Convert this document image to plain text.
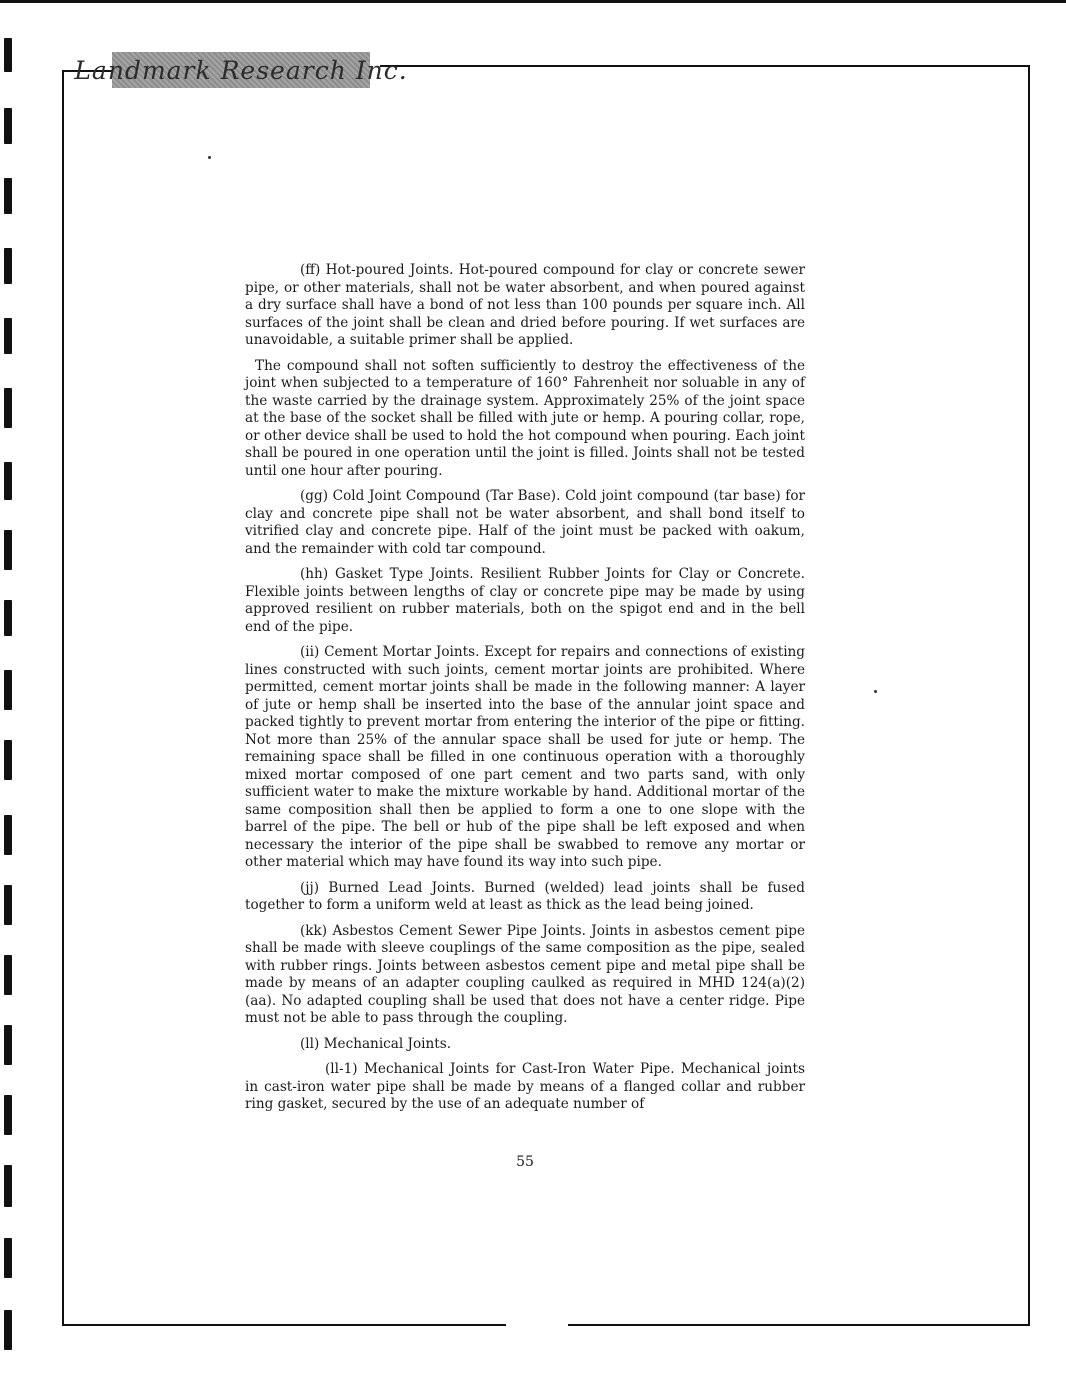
Landmark Research Inc.

(ff) Hot-poured Joints. Hot-poured compound for clay or concrete sewer pipe, or other materials, shall not be water absorbent, and when poured against a dry surface shall have a bond of not less than 100 pounds per square inch. All surfaces of the joint shall be clean and dried before pouring. If wet surfaces are unavoidable, a suitable primer shall be applied.

The compound shall not soften sufficiently to destroy the effectiveness of the joint when subjected to a temperature of 160° Fahrenheit nor soluable in any of the waste carried by the drainage system. Approximately 25% of the joint space at the base of the socket shall be filled with jute or hemp. A pouring collar, rope, or other device shall be used to hold the hot compound when pouring. Each joint shall be poured in one operation until the joint is filled. Joints shall not be tested until one hour after pouring.

(gg) Cold Joint Compound (Tar Base). Cold joint compound (tar base) for clay and concrete pipe shall not be water absorbent, and shall bond itself to vitrified clay and concrete pipe. Half of the joint must be packed with oakum, and the remainder with cold tar compound.

(hh) Gasket Type Joints. Resilient Rubber Joints for Clay or Concrete. Flexible joints between lengths of clay or concrete pipe may be made by using approved resilient on rubber materials, both on the spigot end and in the bell end of the pipe.

(ii) Cement Mortar Joints. Except for repairs and connections of existing lines constructed with such joints, cement mortar joints are prohibited. Where permitted, cement mortar joints shall be made in the following manner: A layer of jute or hemp shall be inserted into the base of the annular joint space and packed tightly to prevent mortar from entering the interior of the pipe or fitting. Not more than 25% of the annular space shall be used for jute or hemp. The remaining space shall be filled in one continuous operation with a thoroughly mixed mortar composed of one part cement and two parts sand, with only sufficient water to make the mixture workable by hand. Additional mortar of the same composition shall then be applied to form a one to one slope with the barrel of the pipe. The bell or hub of the pipe shall be left exposed and when necessary the interior of the pipe shall be swabbed to remove any mortar or other material which may have found its way into such pipe.

(jj) Burned Lead Joints. Burned (welded) lead joints shall be fused together to form a uniform weld at least as thick as the lead being joined.

(kk) Asbestos Cement Sewer Pipe Joints. Joints in asbestos cement pipe shall be made with sleeve couplings of the same composition as the pipe, sealed with rubber rings. Joints between asbestos cement pipe and metal pipe shall be made by means of an adapter coupling caulked as required in MHD 124(a)(2)(aa). No adapted coupling shall be used that does not have a center ridge. Pipe must not be able to pass through the coupling.

(ll) Mechanical Joints.

(ll-1) Mechanical Joints for Cast-Iron Water Pipe. Mechanical joints in cast-iron water pipe shall be made by means of a flanged collar and rubber ring gasket, secured by the use of an adequate number of

55
